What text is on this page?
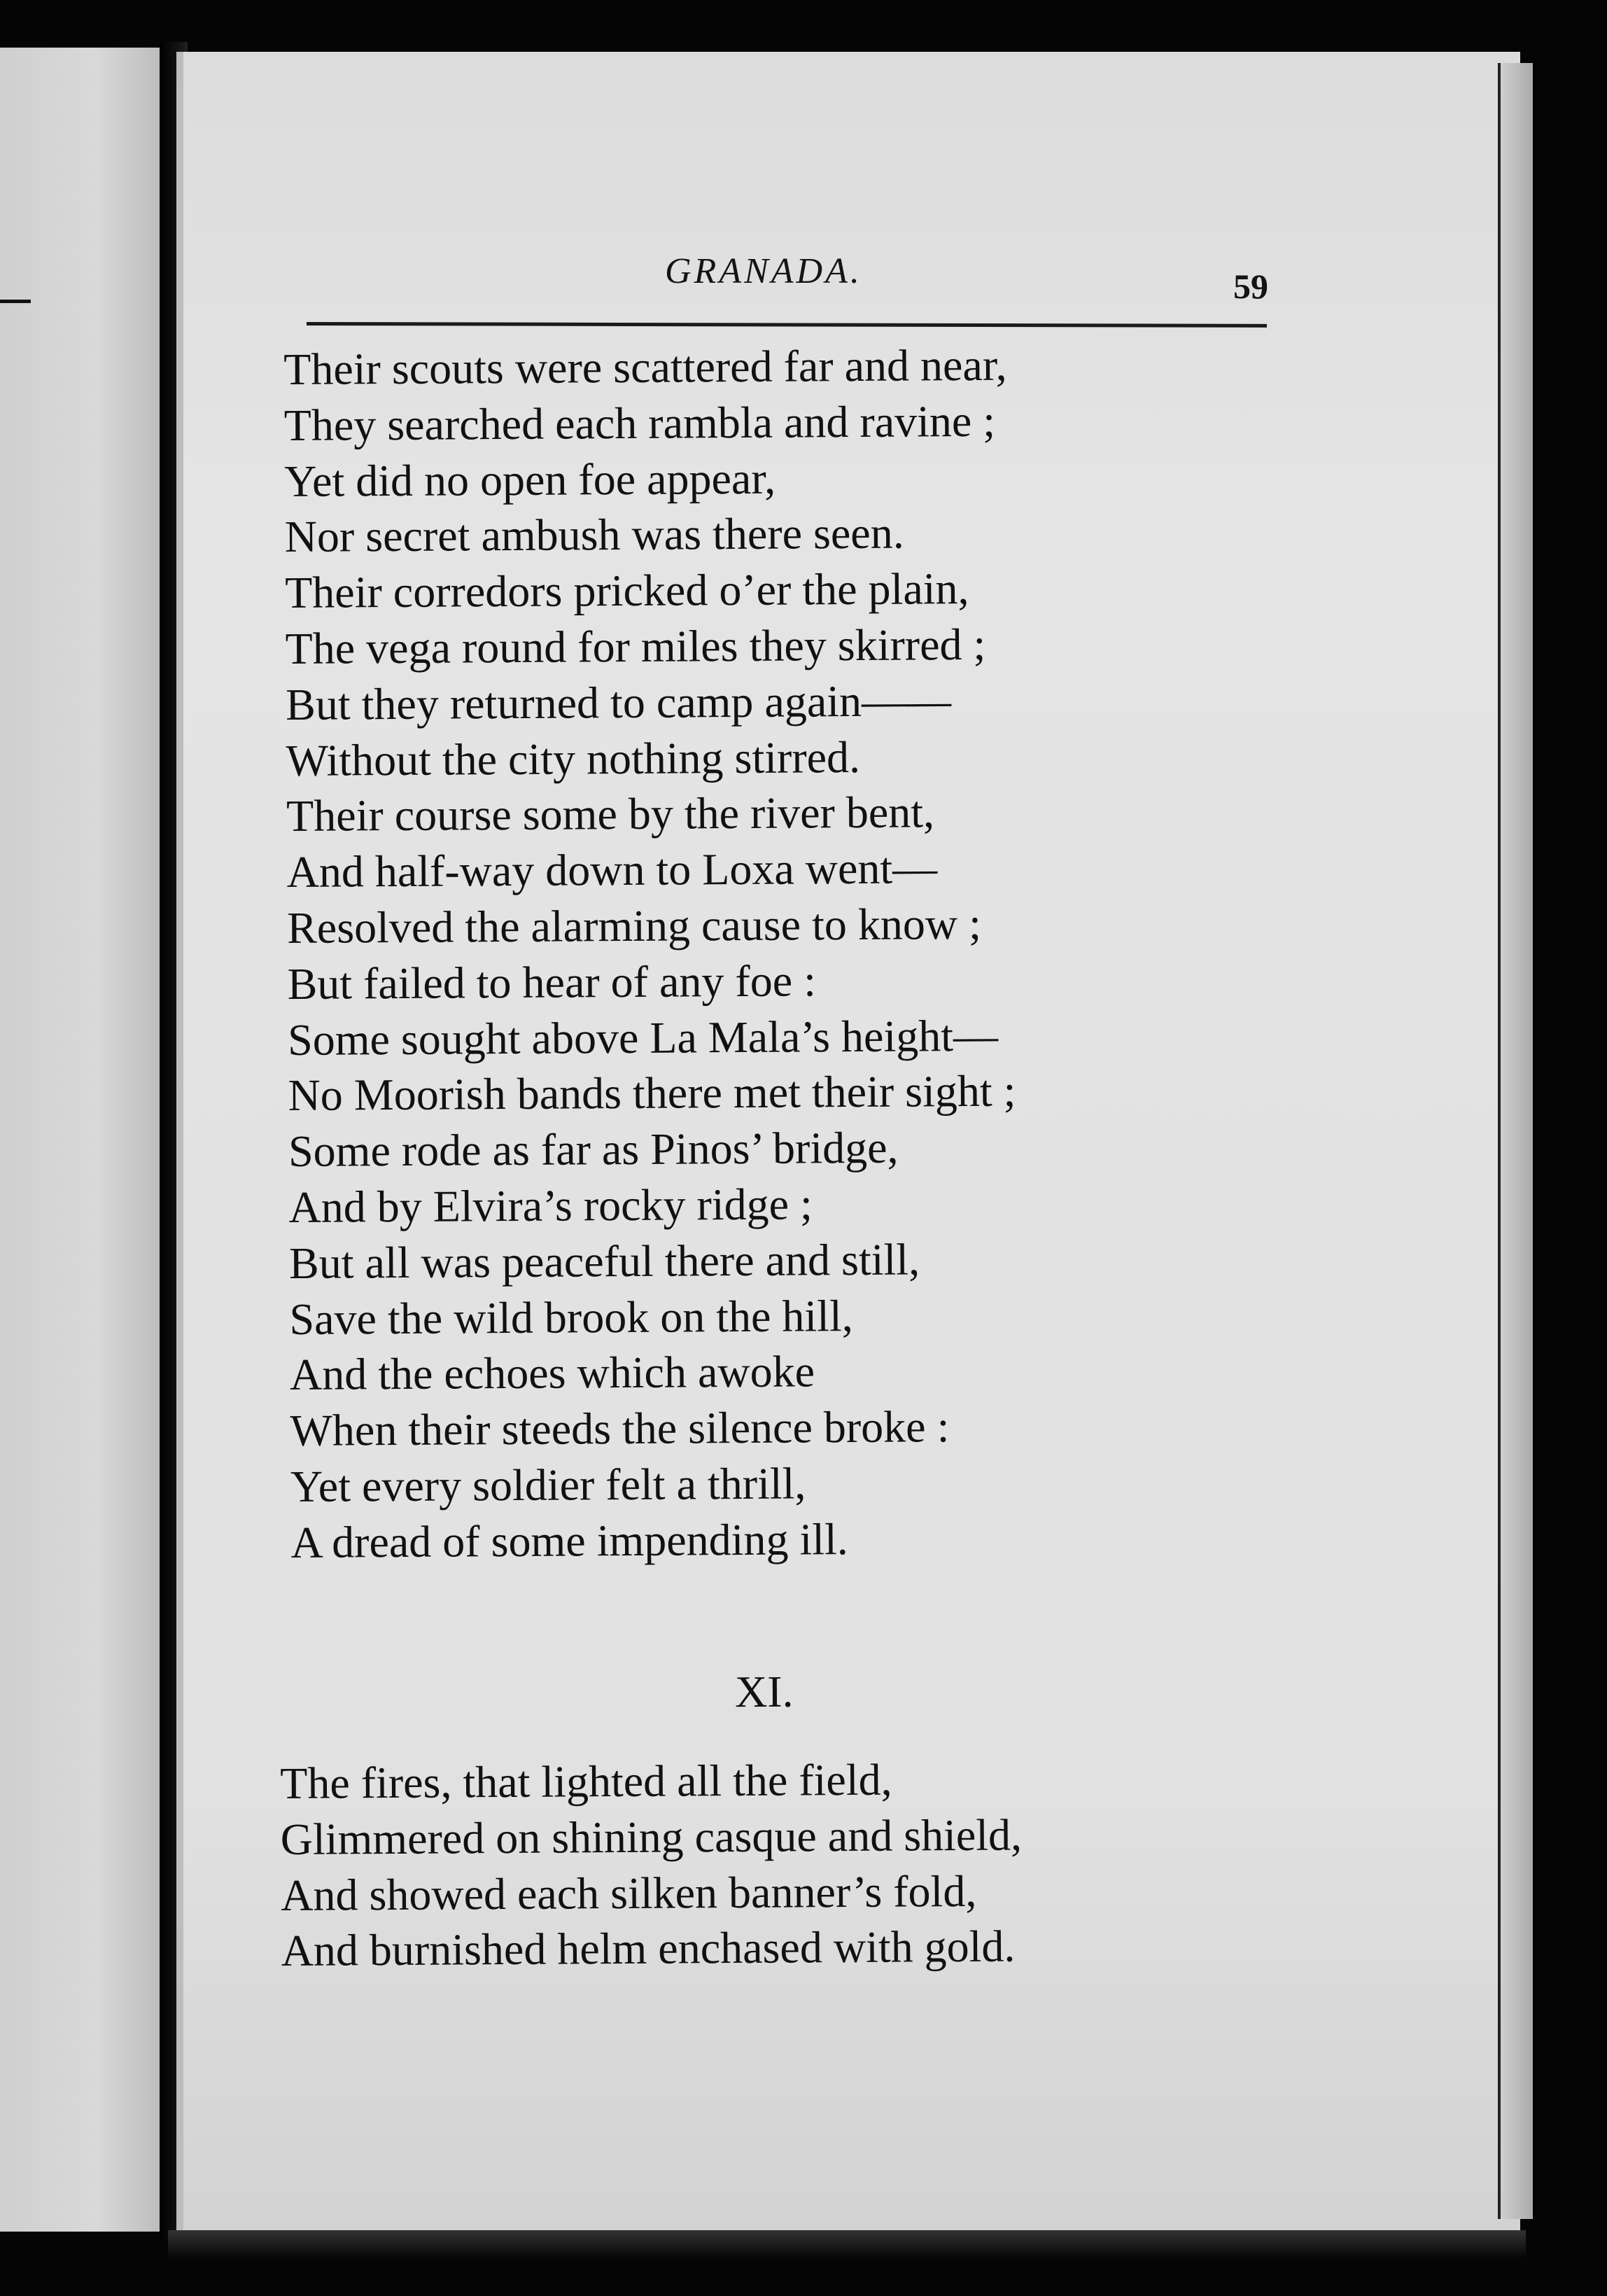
GRANADA.	59
Their scouts were scattered far and near,
They searched each rambla and ravine ;
Yet did no open foe appear,
Nor secret ambush was there seen.
Their corredors pricked o’er the plain,
The vega round for miles they skirred ;
But they returned to camp again——
Without the city nothing stirred.
Their course some by the river bent,
And half-way down to Loxa went—
Resolved the alarming cause to know ;
But failed to hear of any foe :
Some sought above La Mala’s height—
No Moorish bands there met their sight ;
Some rode as far as Pinos’ bridge,
And by Elvira’s rocky ridge ;
But all was peaceful there and still,
Save the wild brook on the hill,
And the echoes which awoke
When their steeds the silence broke :
Yet every soldier felt a thrill,
A dread of some impending ill.
XI.
The fires, that lighted all the field,
Glimmered on shining casque and shield,
And showed each silken banner’s fold,
And burnished helm enchased with gold.
